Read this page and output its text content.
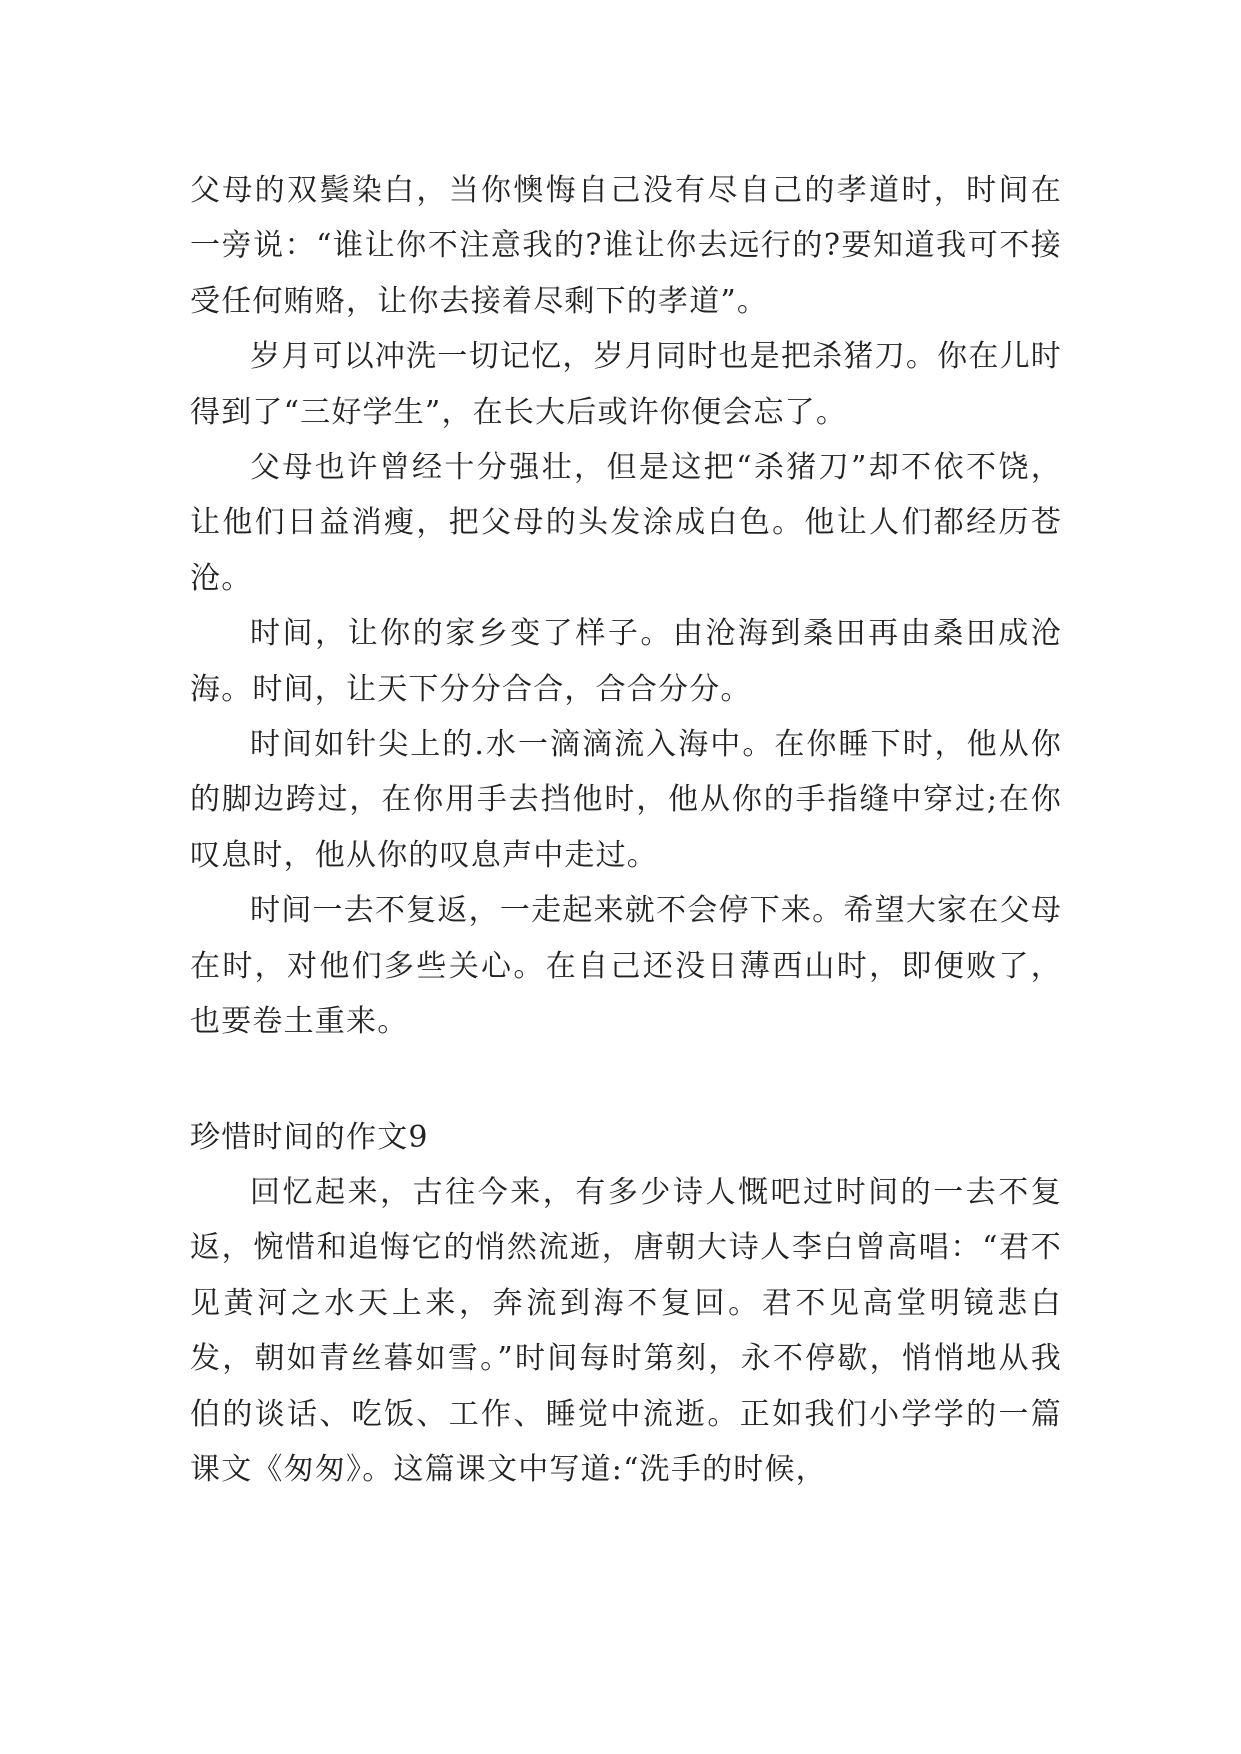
父母的双鬓染白，当你懊悔自己没有尽自己的孝道时，时间在一旁说：“谁让你不注意我的?谁让你去远行的?要知道我可不接受任何贿赂，让你去接着尽剩下的孝道”。

岁月可以冲洗一切记忆，岁月同时也是把杀猪刀。你在儿时得到了“三好学生”，在长大后或许你便会忘了。

父母也许曾经十分强壮，但是这把“杀猪刀”却不依不饶，让他们日益消瘦，把父母的头发涂成白色。他让人们都经历苍沧。

时间，让你的家乡变了样子。由沧海到桑田再由桑田成沧海。时间，让天下分分合合，合合分分。

时间如针尖上的.水一滴滴流入海中。在你睡下时，他从你的脚边跨过，在你用手去挡他时，他从你的手指缝中穿过;在你叹息时，他从你的叹息声中走过。

时间一去不复返，一走起来就不会停下来。希望大家在父母在时，对他们多些关心。在自己还没日薄西山时，即便败了，也要卷土重来。

珍惜时间的作文9

回忆起来，古往今来，有多少诗人慨吧过时间的一去不复返，惋惜和追悔它的悄然流逝，唐朝大诗人李白曾高唱：“君不见黄河之水天上来，奔流到海不复回。君不见高堂明镜悲白发，朝如青丝暮如雪。”时间每时第刻，永不停歇，悄悄地从我伯的谈话、吃饭、工作、睡觉中流逝。正如我们小学学的一篇课文《匆匆》。这篇课文中写道:“洗手的时候，
